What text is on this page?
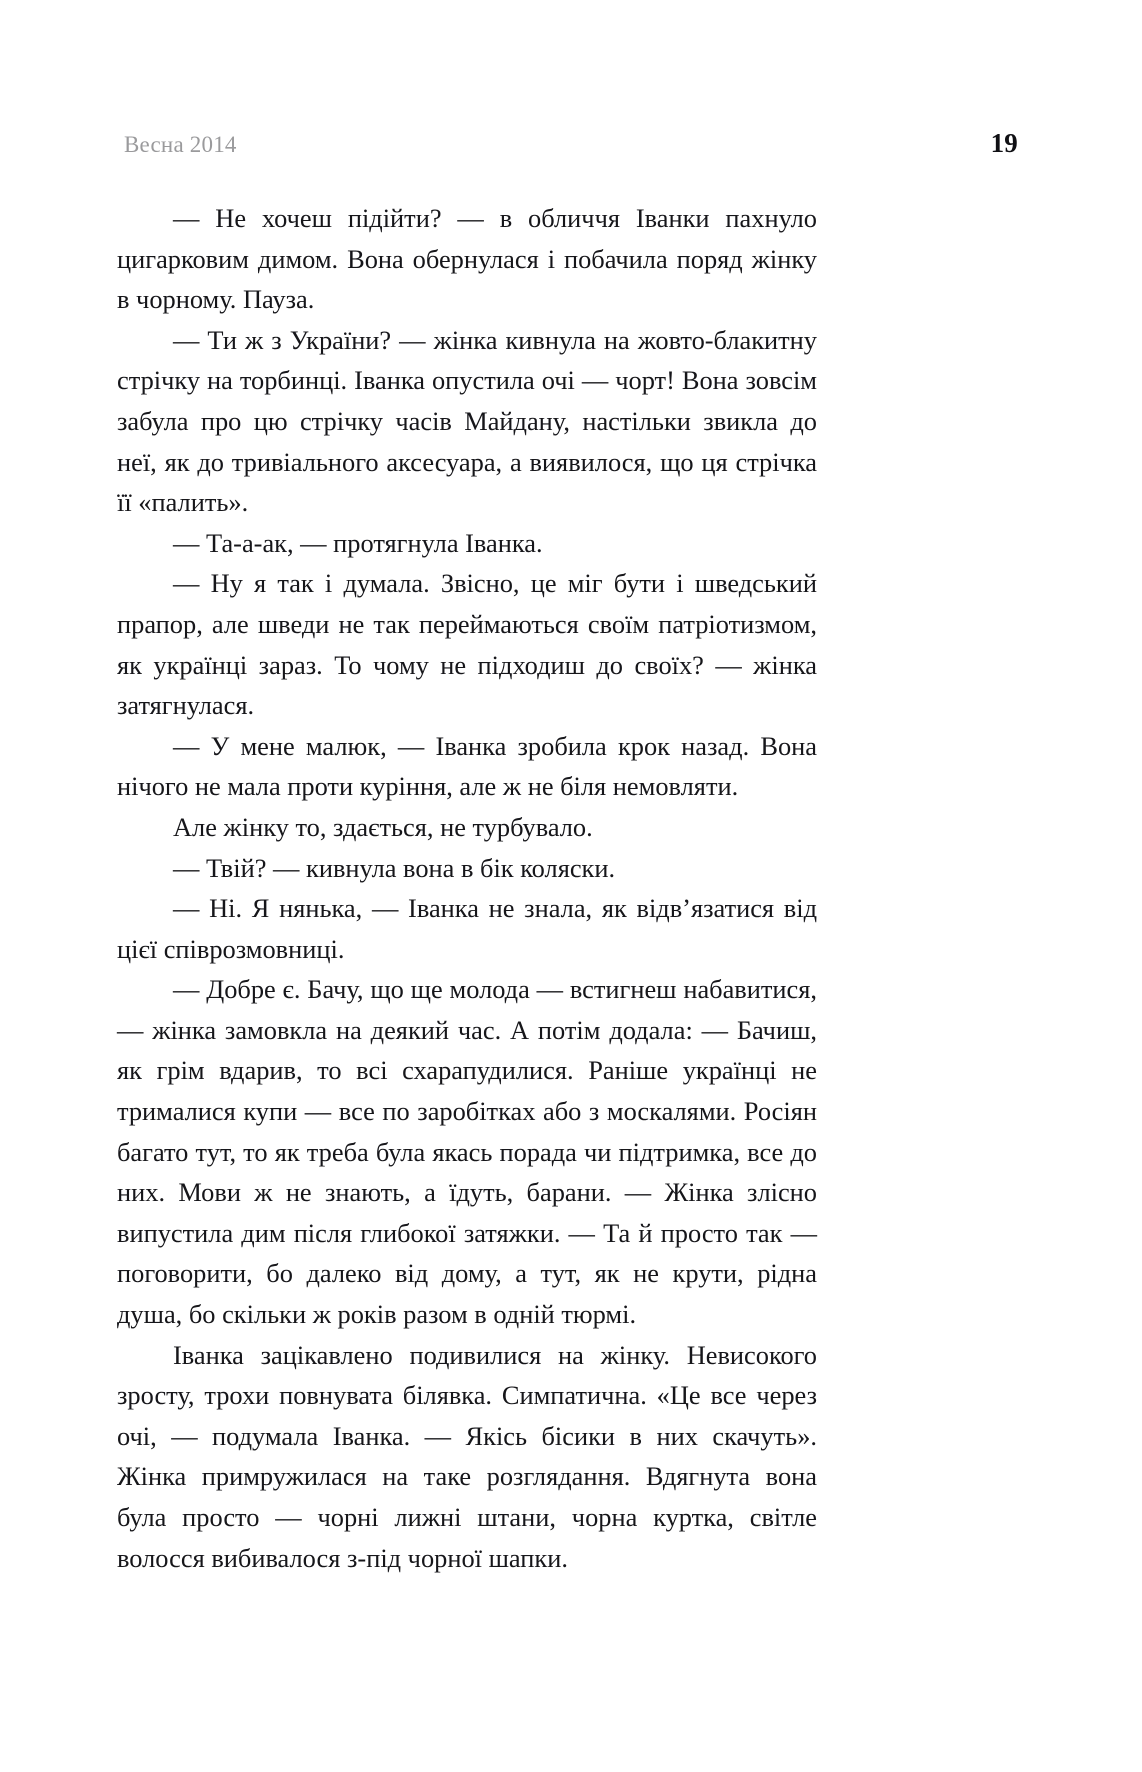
Весна 2014	19

— Не хочеш підійти? — в обличчя Іванки пахнуло цигарковим димом. Вона обернулася і побачила поряд жінку в чорному. Пауза.

— Ти ж з України? — жінка кивнула на жовто-блакитну стрічку на торбинці. Іванка опустила очі — чорт! Вона зовсім забула про цю стрічку часів Майдану, настільки звикла до неї, як до тривіального аксесуара, а виявилося, що ця стрічка її «палить».

— Та-а-ак, — протягнула Іванка.

— Ну я так і думала. Звісно, це міг бути і шведський прапор, але шведи не так переймаються своїм патріотизмом, як українці зараз. То чому не підходиш до своїх? — жінка затягнулася.

— У мене малюк, — Іванка зробила крок назад. Вона нічого не мала проти куріння, але ж не біля немовляти.

Але жінку то, здається, не турбувало.

— Твій? — кивнула вона в бік коляски.

— Ні. Я нянька, — Іванка не знала, як відв’язатися від цієї співрозмовниці.

— Добре є. Бачу, що ще молода — встигнеш набавитися, — жінка замовкла на деякий час. А потім додала: — Бачиш, як грім вдарив, то всі схарапудилися. Раніше українці не трималися купи — все по заробітках або з москалями. Росіян багато тут, то як треба була якась порада чи підтримка, все до них. Мови ж не знають, а їдуть, барани. — Жінка злісно випустила дим після глибокої затяжки. — Та й просто так — поговорити, бо далеко від дому, а тут, як не крути, рідна душа, бо скільки ж років разом в одній тюрмі.

Іванка зацікавлено подивилися на жінку. Невисокого зросту, трохи повнувата білявка. Симпатична. «Це все через очі, — подумала Іванка. — Якісь бісики в них скачуть». Жінка примружилася на таке розглядання. Вдягнута вона була просто — чорні лижні штани, чорна куртка, світле волосся вибивалося з-під чорної шапки.
